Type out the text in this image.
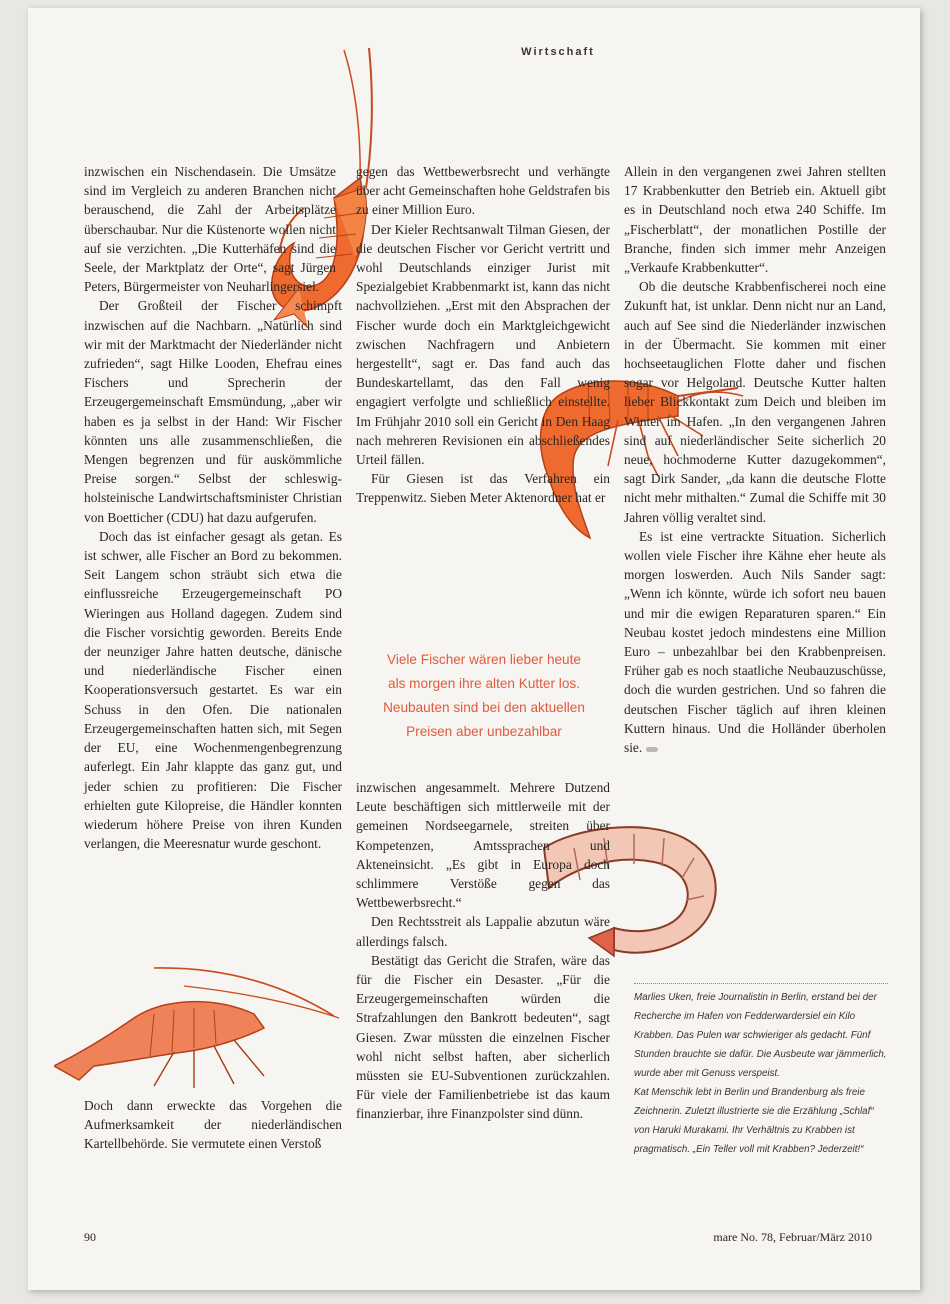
Wirtschaft

inzwischen ein Nischendasein. Die Umsätze sind im Vergleich zu anderen Branchen nicht berauschend, die Zahl der Arbeitsplätze überschaubar. Nur die Küstenorte wollen nicht auf sie verzichten. „Die Kutterhäfen sind die Seele, der Marktplatz der Orte“, sagt Jürgen Peters, Bürgermeister von Neuharlingersiel.

Der Großteil der Fischer schimpft inzwischen auf die Nachbarn. „Natürlich sind wir mit der Marktmacht der Niederländer nicht zufrieden“, sagt Hilke Looden, Ehefrau eines Fischers und Sprecherin der Erzeugergemeinschaft Emsmündung, „aber wir haben es ja selbst in der Hand: Wir Fischer könnten uns alle zusammenschließen, die Mengen begrenzen und für auskömmliche Preise sorgen.“ Selbst der schleswig-holsteinische Landwirtschaftsminister Christian von Boetticher (CDU) hat dazu aufgerufen.

Doch das ist einfacher gesagt als getan. Es ist schwer, alle Fischer an Bord zu bekommen. Seit Langem schon sträubt sich etwa die einflussreiche Erzeugergemeinschaft PO Wieringen aus Holland dagegen. Zudem sind die Fischer vorsichtig geworden. Bereits Ende der neunziger Jahre hatten deutsche, dänische und niederländische Fischer einen Kooperationsversuch gestartet. Es war ein Schuss in den Ofen. Die nationalen Erzeugergemeinschaften hatten sich, mit Segen der EU, eine Wochenmengenbegrenzung auferlegt. Ein Jahr klappte das ganz gut, und jeder schien zu profitieren: Die Fischer erhielten gute Kilopreise, die Händler konnten wiederum höhere Preise von ihren Kunden verlangen, die Meeresnatur wurde geschont.

Doch dann erweckte das Vorgehen die Aufmerksamkeit der niederländischen Kartellbehörde. Sie vermutete einen Verstoß

gegen das Wettbewerbsrecht und verhängte über acht Gemeinschaften hohe Geldstrafen bis zu einer Million Euro.

Der Kieler Rechtsanwalt Tilman Giesen, der die deutschen Fischer vor Gericht vertritt und wohl Deutschlands einziger Jurist mit Spezialgebiet Krabbenmarkt ist, kann das nicht nachvollziehen. „Erst mit den Absprachen der Fischer wurde doch ein Marktgleichgewicht zwischen Nachfragern und Anbietern hergestellt“, sagt er. Das fand auch das Bundeskartellamt, das den Fall wenig engagiert verfolgte und schließlich einstellte. Im Frühjahr 2010 soll ein Gericht in Den Haag nach mehreren Revisionen ein abschließendes Urteil fällen.

Für Giesen ist das Verfahren ein Treppenwitz. Sieben Meter Aktenordner hat er

Viele Fischer wären lieber heute
als morgen ihre alten Kutter los.
Neubauten sind bei den aktuellen
Preisen aber unbezahlbar

inzwischen angesammelt. Mehrere Dutzend Leute beschäftigen sich mittlerweile mit der gemeinen Nordseegarnele, streiten über Kompetenzen, Amtssprachen und Akteneinsicht. „Es gibt in Europa doch schlimmere Verstöße gegen das Wettbewerbsrecht.“

Den Rechtsstreit als Lappalie abzutun wäre allerdings falsch.

Bestätigt das Gericht die Strafen, wäre das für die Fischer ein Desaster. „Für die Erzeugergemeinschaften würden die Strafzahlungen den Bankrott bedeuten“, sagt Giesen. Zwar müssten die einzelnen Fischer wohl nicht selbst haften, aber sicherlich müssten sie EU-Subventionen zurückzahlen. Für viele der Familienbetriebe ist das kaum finanzierbar, ihre Finanzpolster sind dünn.

Allein in den vergangenen zwei Jahren stellten 17 Krabbenkutter den Betrieb ein. Aktuell gibt es in Deutschland noch etwa 240 Schiffe. Im „Fischerblatt“, der monatlichen Postille der Branche, finden sich immer mehr Anzeigen „Verkaufe Krabbenkutter“.

Ob die deutsche Krabbenfischerei noch eine Zukunft hat, ist unklar. Denn nicht nur an Land, auch auf See sind die Niederländer inzwischen in der Übermacht. Sie kommen mit einer hochseetauglichen Flotte daher und fischen sogar vor Helgoland. Deutsche Kutter halten lieber Blickkontakt zum Deich und bleiben im Winter im Hafen. „In den vergangenen Jahren sind auf niederländischer Seite sicherlich 20 neue, hochmoderne Kutter dazugekommen“, sagt Dirk Sander, „da kann die deutsche Flotte nicht mehr mithalten.“ Zumal die Schiffe mit 30 Jahren völlig veraltet sind.

Es ist eine vertrackte Situation. Sicherlich wollen viele Fischer ihre Kähne eher heute als morgen loswerden. Auch Nils Sander sagt: „Wenn ich könnte, würde ich sofort neu bauen und mir die ewigen Reparaturen sparen.“ Ein Neubau kostet jedoch mindestens eine Million Euro – unbezahlbar bei den Krabbenpreisen. Früher gab es noch staatliche Neubauzuschüsse, doch die wurden gestrichen. Und so fahren die deutschen Fischer täglich auf ihren kleinen Kuttern hinaus. Und die Holländer überholen sie.

Marlies Uken, freie Journalistin in Berlin, erstand bei der Recherche im Hafen von Fedderwardersiel ein Kilo Krabben. Das Pulen war schwieriger als gedacht. Fünf Stunden brauchte sie dafür. Die Ausbeute war jämmerlich, wurde aber mit Genuss verspeist.

Kat Menschik lebt in Berlin und Brandenburg als freie Zeichnerin. Zuletzt illustrierte sie die Erzählung „Schlaf“ von Haruki Murakami. Ihr Verhältnis zu Krabben ist pragmatisch. „Ein Teller voll mit Krabben? Jederzeit!“

90	mare No. 78, Februar/März 2010
